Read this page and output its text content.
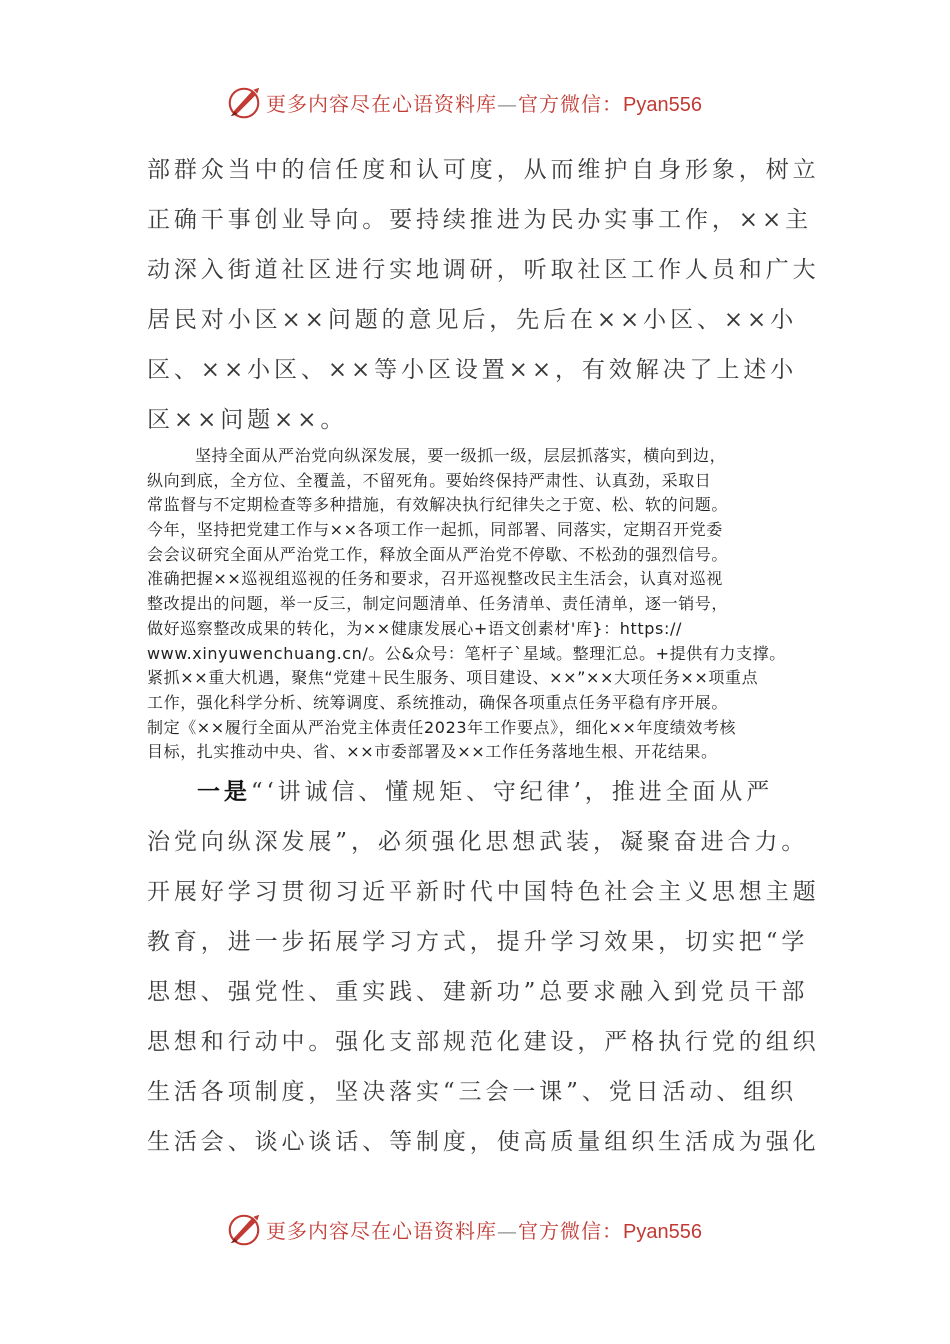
更多内容尽在心语资料库—官方微信：Pyan556
部群众当中的信任度和认可度，从而维护自身形象，树立
正确干事创业导向。要持续推进为民办实事工作，××主
动深入街道社区进行实地调研，听取社区工作人员和广大
居民对小区××问题的意见后，先后在××小区、××小
区、××小区、××等小区设置××，有效解决了上述小
区××问题××。
坚持全面从严治党向纵深发展，要一级抓一级，层层抓落实，横向到边，
纵向到底，全方位、全覆盖，不留死角。要始终保持严肃性、认真劲，采取日
常监督与不定期检查等多种措施，有效解决执行纪律失之于宽、松、软的问题。
今年，坚持把党建工作与××各项工作一起抓，同部署、同落实，定期召开党委
会会议研究全面从严治党工作，释放全面从严治党不停歇、不松劲的强烈信号。
准确把握××巡视组巡视的任务和要求，召开巡视整改民主生活会，认真对巡视
整改提出的问题，举一反三，制定问题清单、任务清单、责任清单，逐一销号，
做好巡察整改成果的转化，为××健康发展心+语文创素材'库}：https://
www.xinyuwenchuang.cn/。公&众号：笔杆子`星域。整理汇总。+提供有力支撑。
紧抓××重大机遇，聚焦“党建＋民生服务、项目建设、××”××大项任务××项重点
工作，强化科学分析、统筹调度、系统推动，确保各项重点任务平稳有序开展。
制定《××履行全面从严治党主体责任2023年工作要点》，细化××年度绩效考核
目标，扎实推动中央、省、××市委部署及××工作任务落地生根、开花结果。
一是“‘讲诚信、懂规矩、守纪律’，推进全面从严
治党向纵深发展”，必须强化思想武装，凝聚奋进合力。
开展好学习贯彻习近平新时代中国特色社会主义思想主题
教育，进一步拓展学习方式，提升学习效果，切实把“学
思想、强党性、重实践、建新功”总要求融入到党员干部
思想和行动中。强化支部规范化建设，严格执行党的组织
生活各项制度，坚决落实“三会一课”、党日活动、组织
生活会、谈心谈话、等制度，使高质量组织生活成为强化
更多内容尽在心语资料库—官方微信：Pyan556
